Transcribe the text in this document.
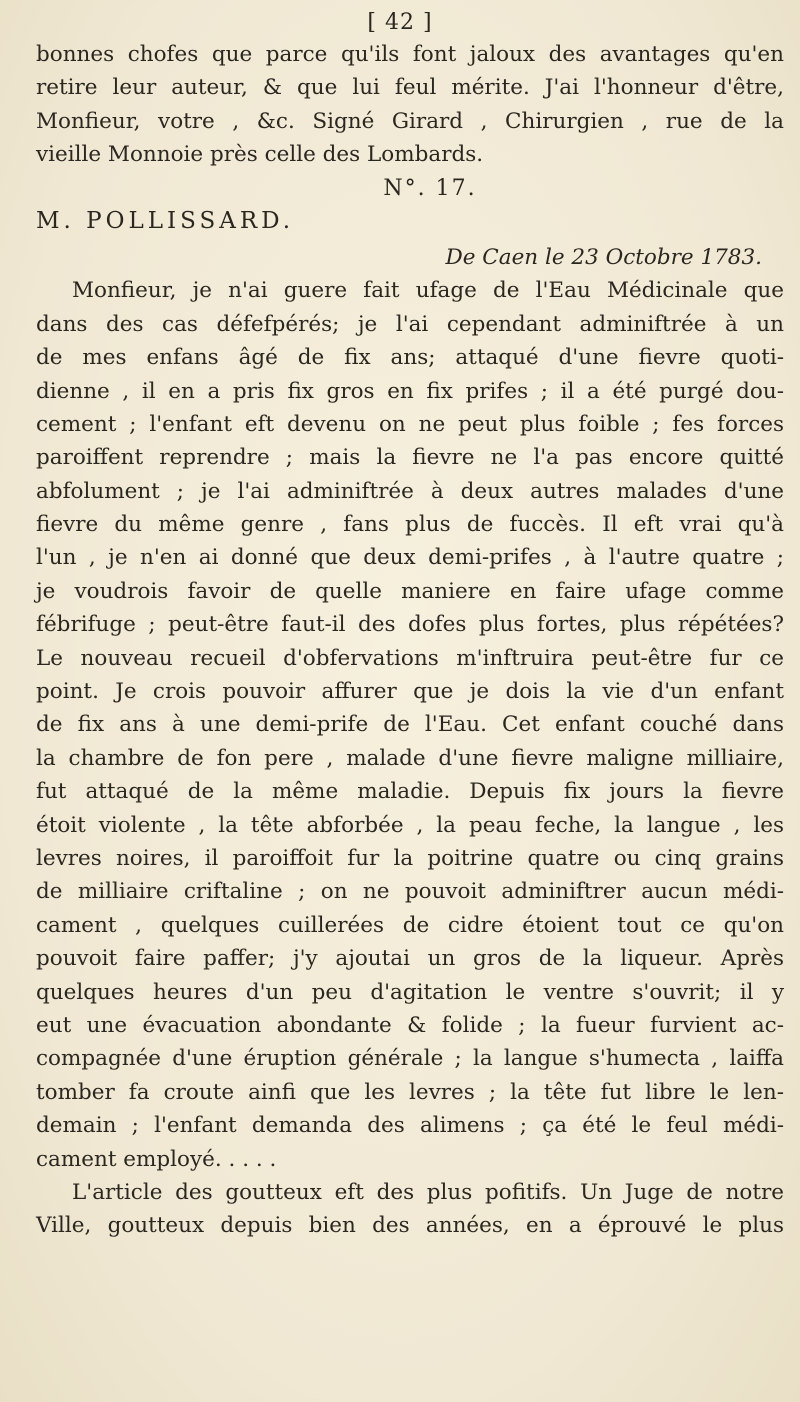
[ 42 ]
bonnes chofes que parce qu'ils font jaloux des avantages qu'en
retire leur auteur, & que lui feul mérite. J'ai l'honneur d'être,
Monfieur, votre , &c. Signé Girard , Chirurgien , rue de la
vieille Monnoie près celle des Lombards.
N°. 17.
M. POLLISSARD.
De Caen le 23 Octobre 1783.
Monfieur, je n'ai guere fait ufage de l'Eau Médicinale que
dans des cas défefpérés; je l'ai cependant adminiftrée à un
de mes enfans âgé de fix ans; attaqué d'une fievre quoti-
dienne , il en a pris fix gros en fix prifes ; il a été purgé dou-
cement ; l'enfant eft devenu on ne peut plus foible ; fes forces
paroiffent reprendre ; mais la fievre ne l'a pas encore quitté
abfolument ; je l'ai adminiftrée à deux autres malades d'une
fievre du même genre , fans plus de fuccès. Il eft vrai qu'à
l'un , je n'en ai donné que deux demi-prifes , à l'autre quatre ;
je voudrois favoir de quelle maniere en faire ufage comme
fébrifuge ; peut-être faut-il des dofes plus fortes, plus répétées?
Le nouveau recueil d'obfervations m'inftruira peut-être fur ce
point. Je crois pouvoir affurer que je dois la vie d'un enfant
de fix ans à une demi-prife de l'Eau. Cet enfant couché dans
la chambre de fon pere , malade d'une fievre maligne milliaire,
fut attaqué de la même maladie. Depuis fix jours la fievre
étoit violente , la tête abforbée , la peau feche, la langue , les
levres noires, il paroiffoit fur la poitrine quatre ou cinq grains
de milliaire criftaline ; on ne pouvoit adminiftrer aucun médi-
cament , quelques cuillerées de cidre étoient tout ce qu'on
pouvoit faire paffer; j'y ajoutai un gros de la liqueur. Après
quelques heures d'un peu d'agitation le ventre s'ouvrit; il y
eut une évacuation abondante & folide ; la fueur furvient ac-
compagnée d'une éruption générale ; la langue s'humecta , laiffa
tomber fa croute ainfi que les levres ; la tête fut libre le len-
demain ; l'enfant demanda des alimens ; ça été le feul médi-
cament employé. . . . .
L'article des goutteux eft des plus pofitifs. Un Juge de notre
Ville, goutteux depuis bien des années, en a éprouvé le plus
